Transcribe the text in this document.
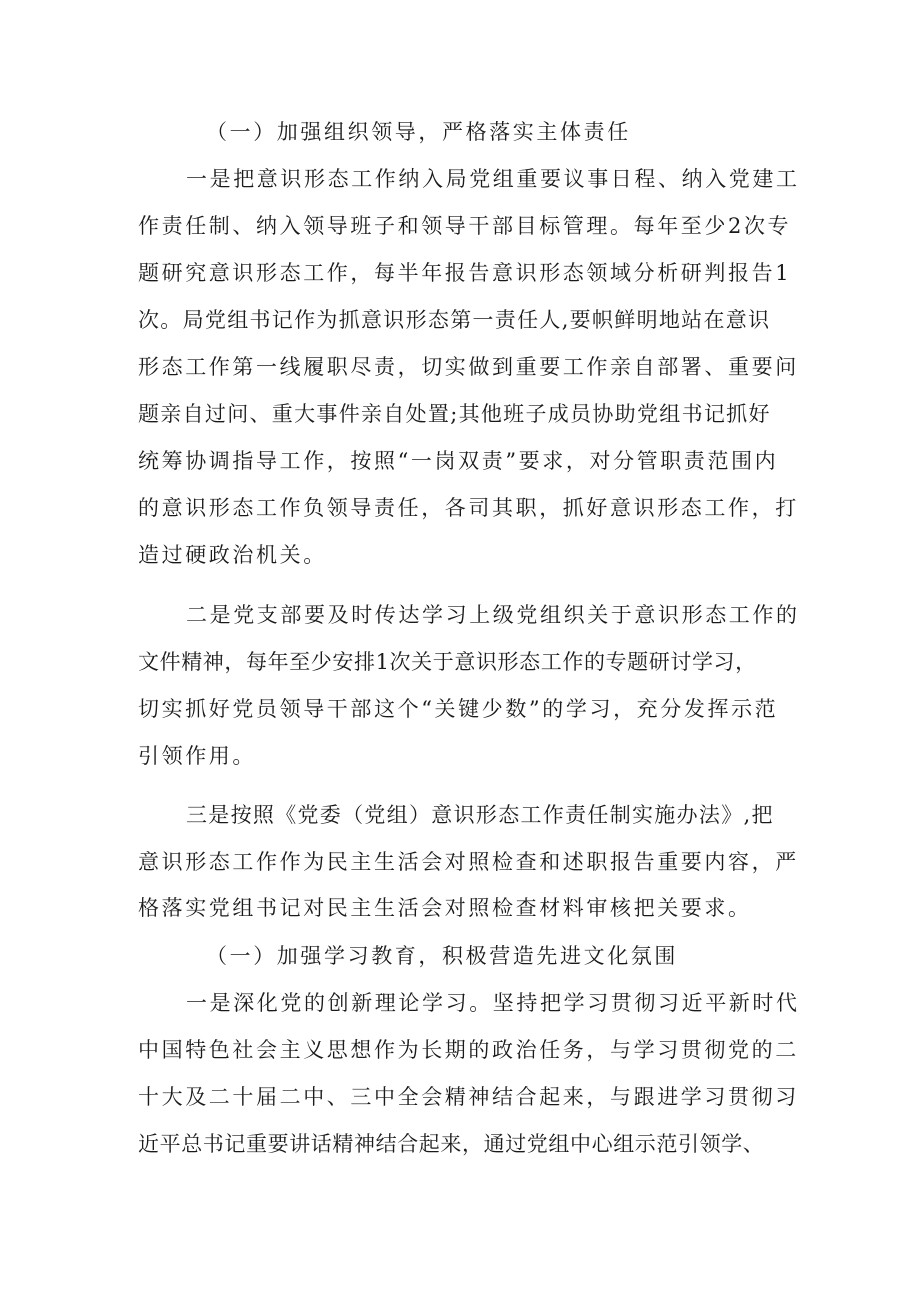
（一）加强组织领导，严格落实主体责任
一是把意识形态工作纳入局党组重要议事日程、纳入党建工
作责任制、纳入领导班子和领导干部目标管理。每年至少2次专
题研究意识形态工作，每半年报告意识形态领域分析研判报告1
次。局党组书记作为抓意识形态第一责任人,要帜鲜明地站在意识
形态工作第一线履职尽责，切实做到重要工作亲自部署、重要问
题亲自过问、重大事件亲自处置;其他班子成员协助党组书记抓好
统筹协调指导工作，按照“一岗双责”要求，对分管职责范围内
的意识形态工作负领导责任，各司其职，抓好意识形态工作，打
造过硬政治机关。
二是党支部要及时传达学习上级党组织关于意识形态工作的
文件精神，每年至少安排1次关于意识形态工作的专题研讨学习，
切实抓好党员领导干部这个“关键少数”的学习，充分发挥示范
引领作用。
三是按照《党委（党组）意识形态工作责任制实施办法》,把
意识形态工作作为民主生活会对照检查和述职报告重要内容，严
格落实党组书记对民主生活会对照检查材料审核把关要求。
（一）加强学习教育，积极营造先进文化氛围
一是深化党的创新理论学习。坚持把学习贯彻习近平新时代
中国特色社会主义思想作为长期的政治任务，与学习贯彻党的二
十大及二十届二中、三中全会精神结合起来，与跟进学习贯彻习
近平总书记重要讲话精神结合起来，通过党组中心组示范引领学、
